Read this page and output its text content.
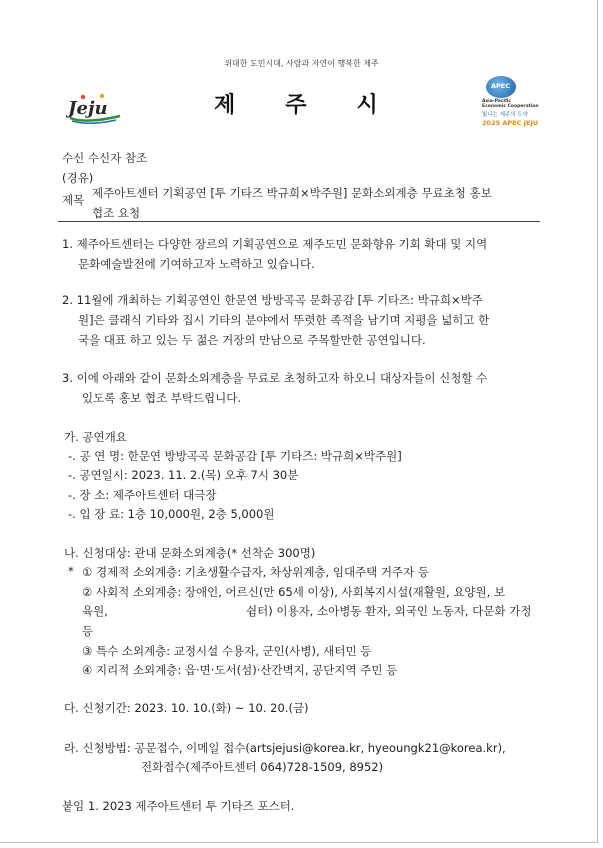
위대한 도민시대, 사람과 자연이 행복한 제주
Jeju	제주시
APEC
Asia-Pacific
Economic Cooperation
빛나는 제주의 도약
2025 APEC JEJU
수신 수신자 참조
(경유)
제목 제주아트센터 기획공연 [투 기타즈 박규희×박주원] 문화소외계층 무료초청 홍보
협조 요청
1. 제주아트센터는 다양한 장르의 기획공연으로 제주도민 문화향유 기회 확대 및 지역
문화예술발전에 기여하고자 노력하고 있습니다.
2. 11월에 개최하는 기획공연인 한문연 방방곡곡 문화공감 [투 기타즈: 박규희×박주
원]은 클래식 기타와 집시 기타의 분야에서 뚜렷한 족적을 남기며 지평을 넓히고 한
국을 대표 하고 있는 두 젊은 거장의 만남으로 주목할만한 공연입니다.
3. 이에 아래와 같이 문화소외계층을 무료로 초청하고자 하오니 대상자들이 신청할 수
있도록 홍보 협조 부탁드립니다.
가. 공연개요
-. 공 연 명: 한문연 방방곡곡 문화공감 [투 기타즈: 박규희×박주원]
-. 공연일시: 2023. 11. 2.(목) 오후 7시 30분
-. 장 소: 제주아트센터 대극장
-. 입 장 료: 1층 10,000원, 2층 5,000원
나. 신청대상: 관내 문화소외계층(* 선착순 300명)
* ① 경제적 소외계층: 기초생활수급자, 차상위계층, 임대주택 거주자 등
② 사회적 소외계층: 장애인, 어르신(만 65세 이상), 사회복지시설(재활원, 요양원, 보
육원,	쉼터) 이용자, 소아병동 환자, 외국인 노동자, 다문화 가정
등
③ 특수 소외계층: 교정시설 수용자, 군인(사병), 새터민 등
④ 지리적 소외계층: 읍·면·도서(섬)·산간벽지, 공단지역 주민 등
다. 신청기간: 2023. 10. 10.(화) ~ 10. 20.(금)
라. 신청방법: 공문접수, 이메일 접수(artsjejusi@korea.kr, hyeoungk21@korea.kr),
전화접수(제주아트센터 064)728-1509, 8952)
붙임 1. 2023 제주아트센터 투 기타즈 포스터.
